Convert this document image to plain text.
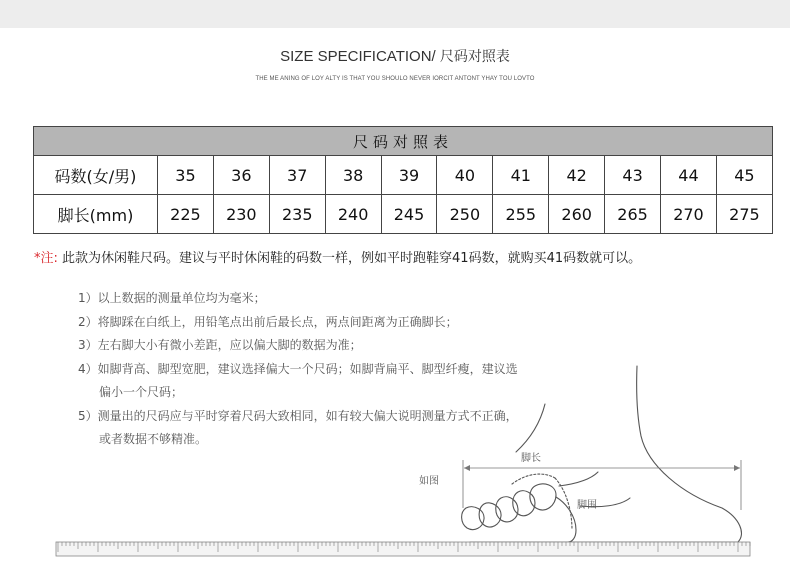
SIZE SPECIFICATION/ 尺码对照表
THE ME ANING OF LOY ALTY IS THAT YOU SHOULO NEVER IORCIT ANTONT YHAY TOU LOVTO
尺码对照表											
码数(女/男)	35	36	37	38	39	40	41	42	43	44	45
脚长(mm)	225	230	235	240	245	250	255	260	265	270	275
*注: 此款为休闲鞋尺码。建议与平时休闲鞋的码数一样，例如平时跑鞋穿41码数，就购买41码数就可以。
1）以上数据的测量单位均为毫米；
2）将脚踩在白纸上，用铅笔点出前后最长点，两点间距离为正确脚长；
3）左右脚大小有微小差距，应以偏大脚的数据为准；
4）如脚背高、脚型宽肥，建议选择偏大一个尺码；如脚背扁平、脚型纤瘦，建议选
偏小一个尺码；
5）测量出的尺码应与平时穿着尺码大致相同，如有较大偏大说明测量方式不正确，
或者数据不够精准。
脚长
如图
脚围
